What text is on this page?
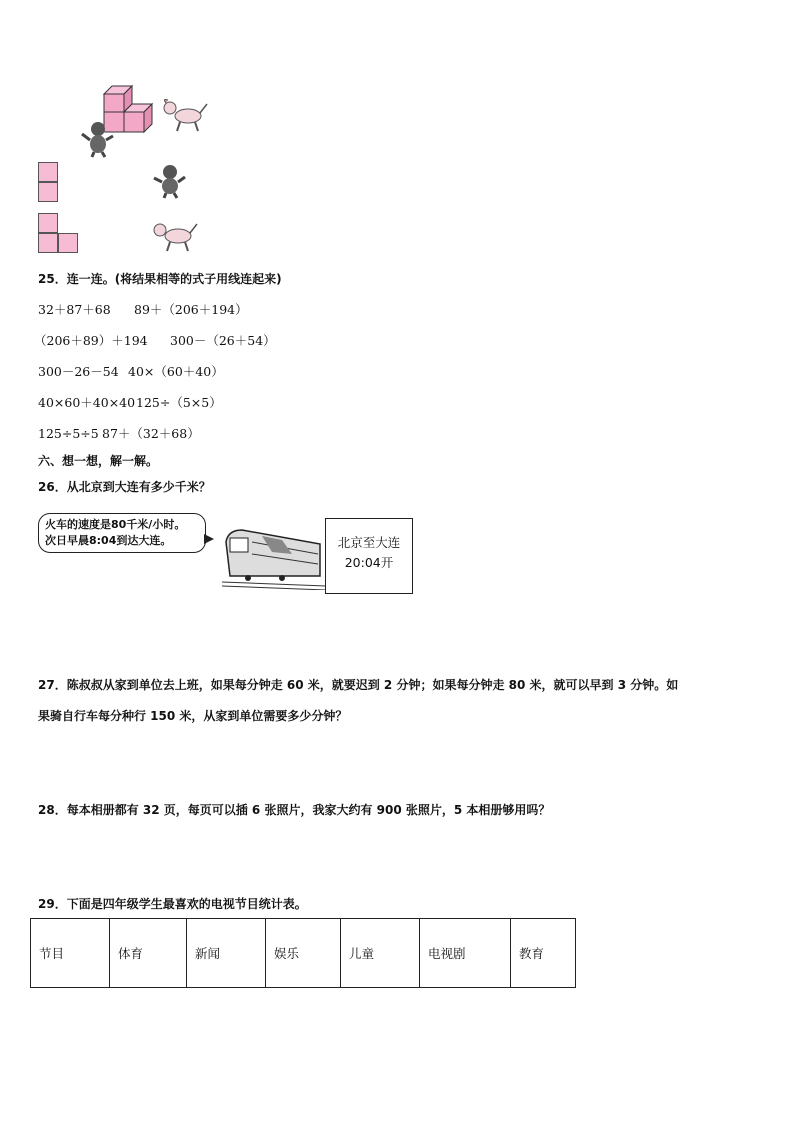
25．连一连。(将结果相等的式子用线连起来)
32＋87＋68 89＋（206＋194）
（206＋89）＋194 300－（26＋54）
300－26－54 40×（60＋40）
40×60＋40×40 125÷（5×5）
125÷5÷5 87＋（32＋68）
六、想一想，解一解。
26．从北京到大连有多少千米？
火车的速度是80千米/小时。
次日早晨8:04到达大连。	北京至大连
20:04开
27．陈叔叔从家到单位去上班，如果每分钟走 60 米，就要迟到 2 分钟；如果每分钟走 80 米，就可以早到 3 分钟。如
果骑自行车每分种行 150 米，从家到单位需要多少分钟？
28．每本相册都有 32 页，每页可以插 6 张照片，我家大约有 900 张照片，5 本相册够用吗？
29．下面是四年级学生最喜欢的电视节目统计表。
节目	体育	新闻	娱乐	儿童	电视剧	教育
